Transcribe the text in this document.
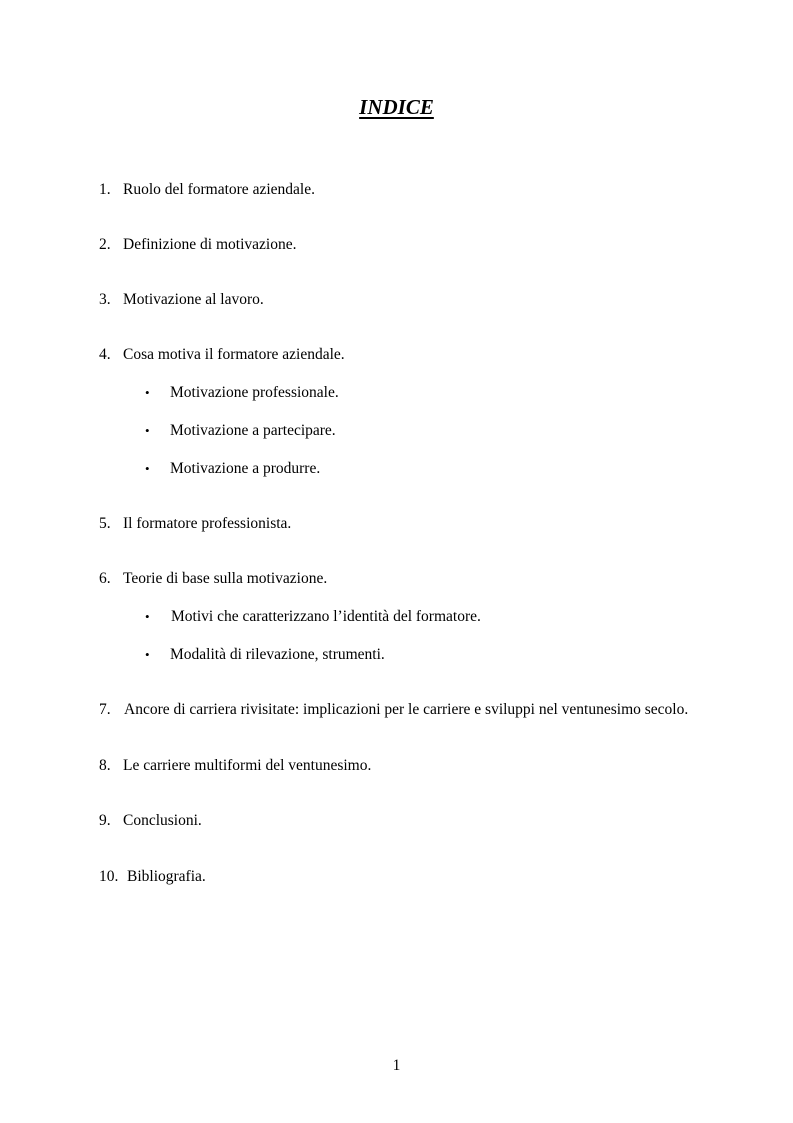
INDICE
1. Ruolo del formatore aziendale.
2. Definizione di motivazione.
3. Motivazione al lavoro.
4. Cosa motiva il formatore aziendale.
• Motivazione professionale.
• Motivazione a partecipare.
• Motivazione a produrre.
5. Il formatore professionista.
6. Teorie di base sulla motivazione.
• Motivi che caratterizzano l’identità del formatore.
• Modalità di rilevazione, strumenti.
7. Ancore di carriera rivisitate: implicazioni per le carriere e sviluppi nel ventunesimo secolo.
8. Le carriere multiformi del ventunesimo.
9. Conclusioni.
10. Bibliografia.
1
